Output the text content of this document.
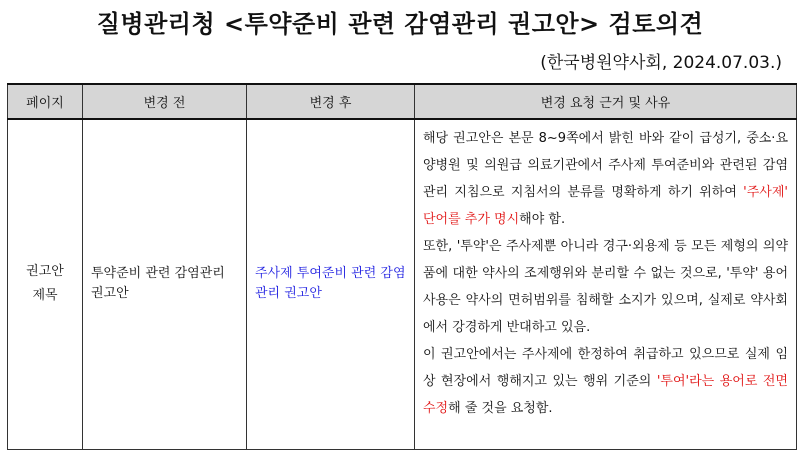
질병관리청 <투약준비 관련 감염관리 권고안> 검토의견
(한국병원약사회, 2024.07.03.)
페이지	변경 전	변경 후	변경 요청 근거 및 사유

권고안
제목	투약준비 관련 감염관리 권고안	주사제 투여준비 관련 감염관리 권고안	해당 권고안은 본문 8~9쪽에서 밝힌 바와 같이 급성기, 중소·요양병원 및 의원급 의료기관에서 주사제 투여준비와 관련된 감염관리 지침으로 지침서의 분류를 명확하게 하기 위하여 '주사제' 단어를 추가 명시해야 함.
또한, '투약'은 주사제뿐 아니라 경구·외용제 등 모든 제형의 의약품에 대한 약사의 조제행위와 분리할 수 없는 것으로, '투약' 용어 사용은 약사의 면허범위를 침해할 소지가 있으며, 실제로 약사회에서 강경하게 반대하고 있음.
이 권고안에서는 주사제에 한정하여 취급하고 있으므로 실제 임상 현장에서 행해지고 있는 행위 기준의 '투여'라는 용어로 전면 수정해 줄 것을 요청함.
